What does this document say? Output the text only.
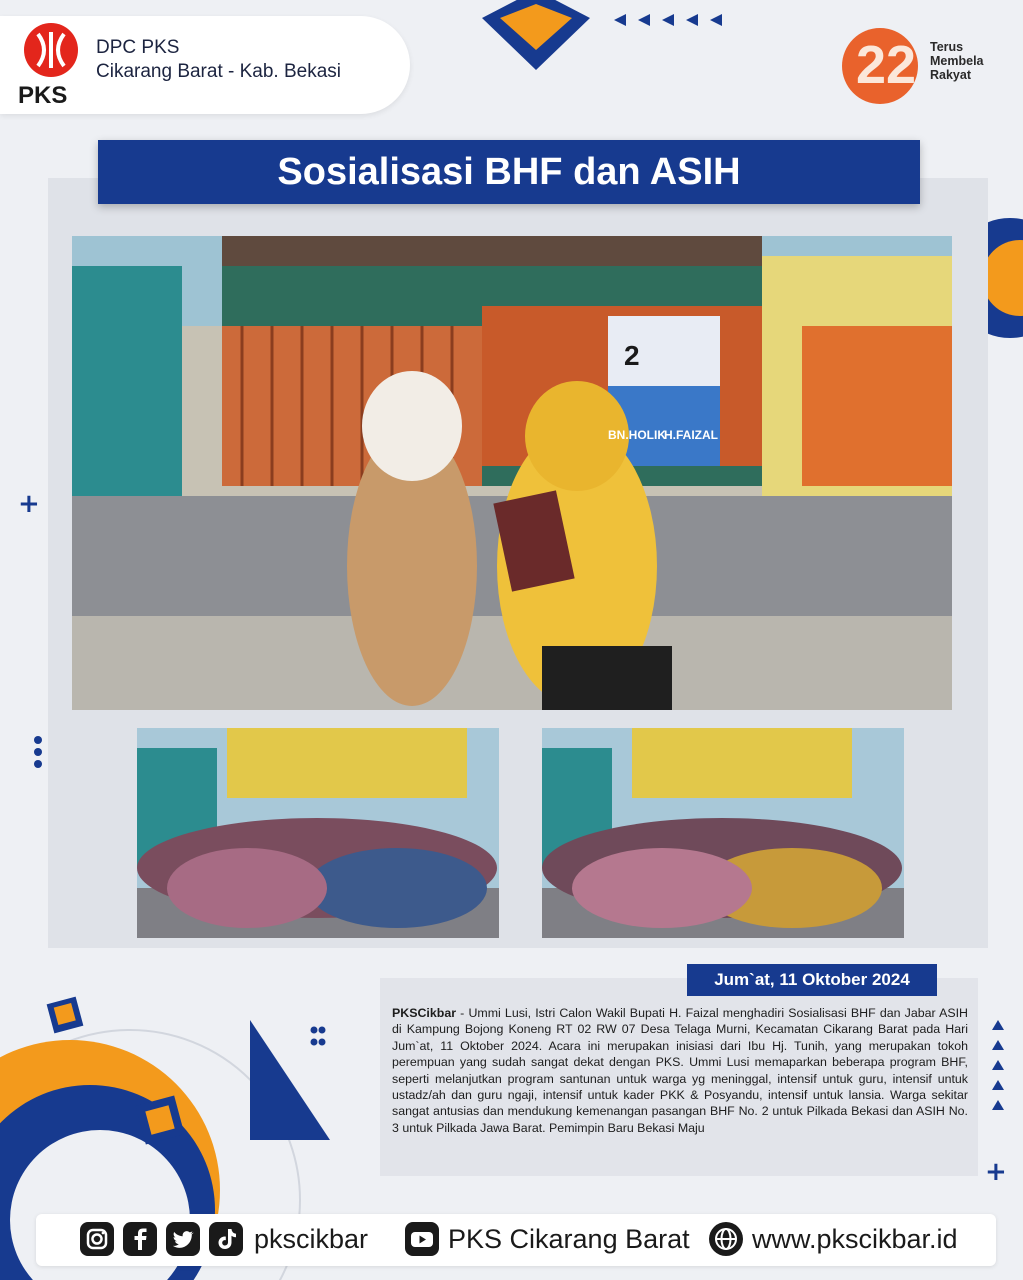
+
+
PKS
DPC PKS
Cikarang Barat - Kab. Bekasi	22 Terus
Membela
Rakyat
Sosialisasi BHF dan ASIH
2
BN.HOLIK
H.FAIZAL
Jum`at, 11 Oktober 2024
PKSCikbar - Ummi Lusi, Istri Calon Wakil Bupati H. Faizal menghadiri Sosialisasi BHF dan Jabar ASIH di Kampung Bojong Koneng RT 02 RW 07 Desa Telaga Murni, Kecamatan Cikarang Barat pada Hari Jum`at, 11 Oktober 2024. Acara ini merupakan inisiasi dari Ibu Hj. Tunih, yang merupakan tokoh perempuan yang sudah sangat dekat dengan PKS. Ummi Lusi memaparkan beberapa program BHF, seperti melanjutkan program santunan untuk warga yg meninggal, intensif untuk guru, intensif untuk ustadz/ah dan guru ngaji, intensif untuk kader PKK & Posyandu, intensif untuk lansia. Warga sekitar sangat antusias dan mendukung kemenangan pasangan BHF No. 2 untuk Pilkada Bekasi dan ASIH No. 3 untuk Pilkada Jawa Barat. Pemimpin Baru Bekasi Maju
pkscikbar	PKS Cikarang Barat www.pkscikbar.id
